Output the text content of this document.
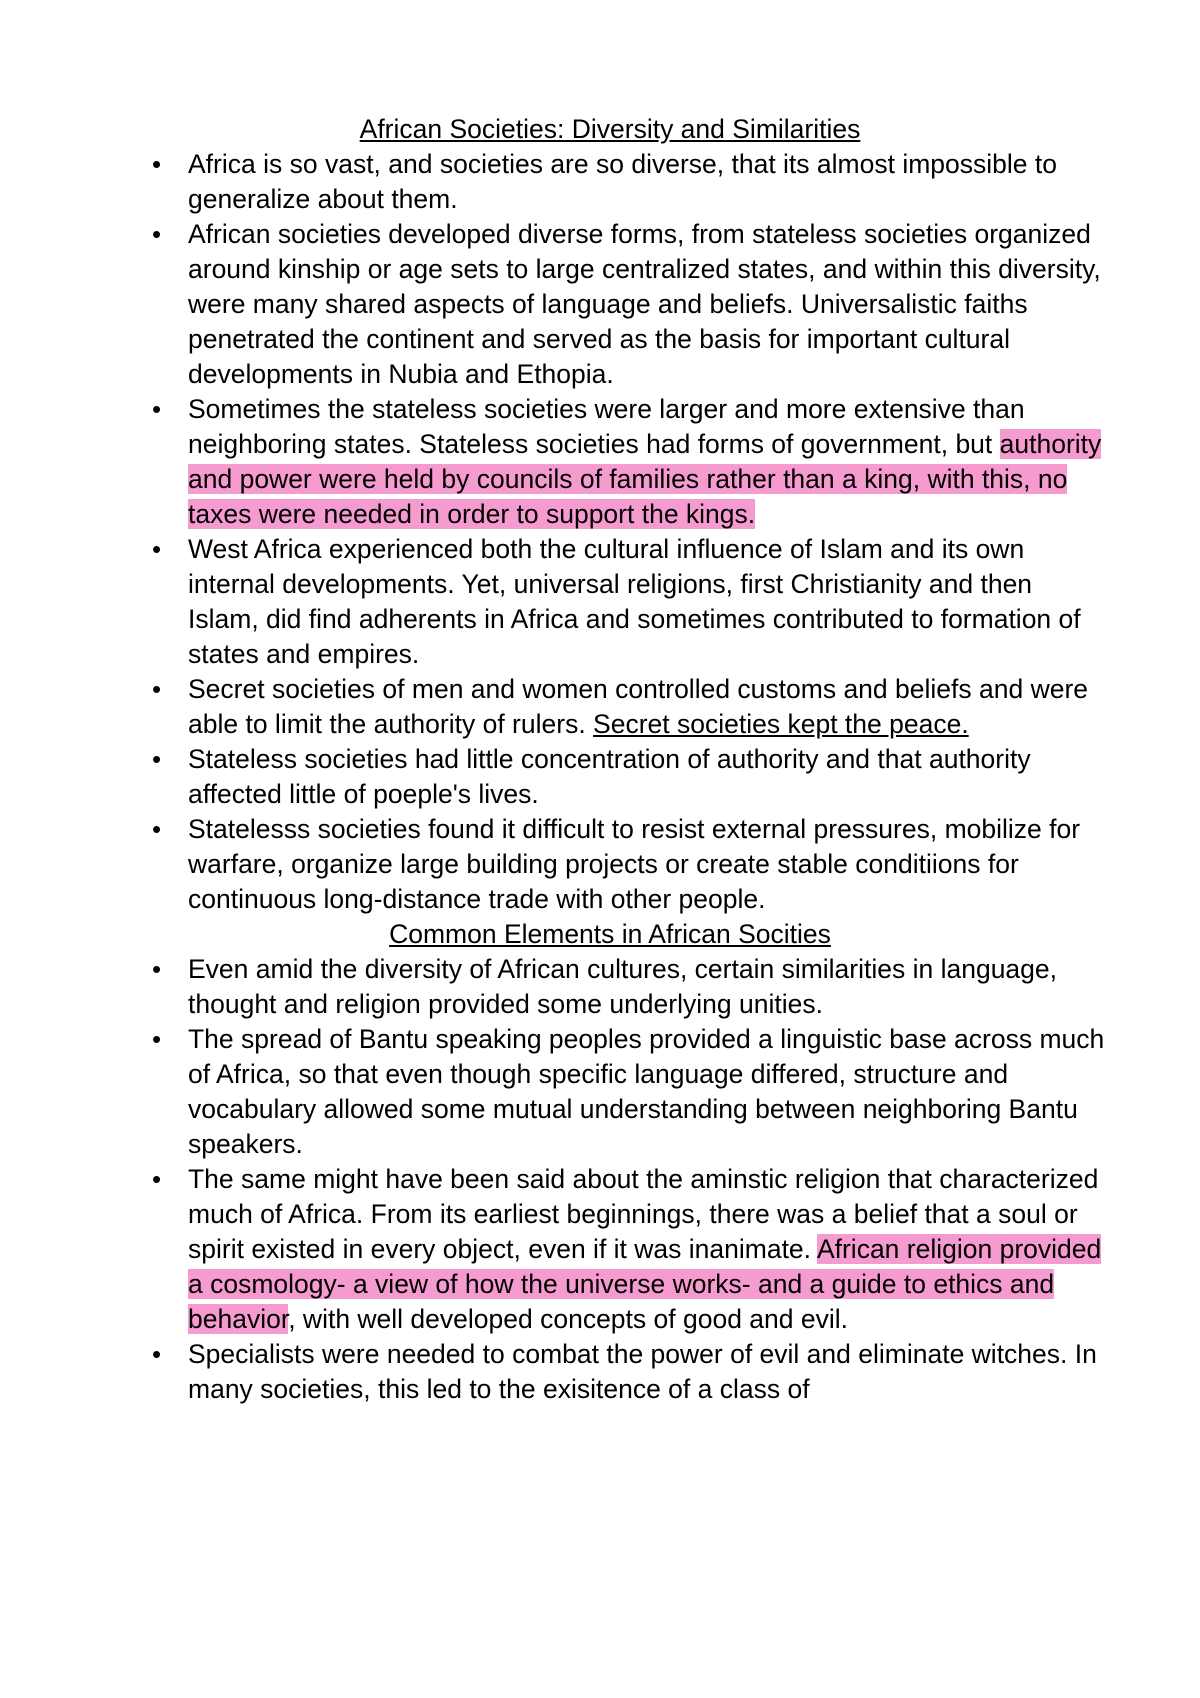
African Societies: Diversity and Similarities
• Africa is so vast, and societies are so diverse, that its almost impossible to generalize about them.
• African societies developed diverse forms, from stateless societies organized around kinship or age sets to large centralized states, and within this diversity, were many shared aspects of language and beliefs. Universalistic faiths penetrated the continent and served as the basis for important cultural developments in Nubia and Ethopia.
• Sometimes the stateless societies were larger and more extensive than neighboring states. Stateless societies had forms of government, but authority and power were held by councils of families rather than a king, with this, no taxes were needed in order to support the kings.
• West Africa experienced both the cultural influence of Islam and its own internal developments. Yet, universal religions, first Christianity and then Islam, did find adherents in Africa and sometimes contributed to formation of states and empires.
• Secret societies of men and women controlled customs and beliefs and were able to limit the authority of rulers. Secret societies kept the peace.
• Stateless societies had little concentration of authority and that authority affected little of poeple's lives.
• Statelesss societies found it difficult to resist external pressures, mobilize for warfare, organize large building projects or create stable conditiions for continuous long-distance trade with other people.
Common Elements in African Socities
• Even amid the diversity of African cultures, certain similarities in language, thought and religion provided some underlying unities.
• The spread of Bantu speaking peoples provided a linguistic base across much of Africa, so that even though specific language differed, structure and vocabulary allowed some mutual understanding between neighboring Bantu speakers.
• The same might have been said about the aminstic religion that characterized much of Africa. From its earliest beginnings, there was a belief that a soul or spirit existed in every object, even if it was inanimate. African religion provided a cosmology- a view of how the universe works- and a guide to ethics and behavior, with well developed concepts of good and evil.
• Specialists were needed to combat the power of evil and eliminate witches. In many societies, this led to the exisitence of a class of
